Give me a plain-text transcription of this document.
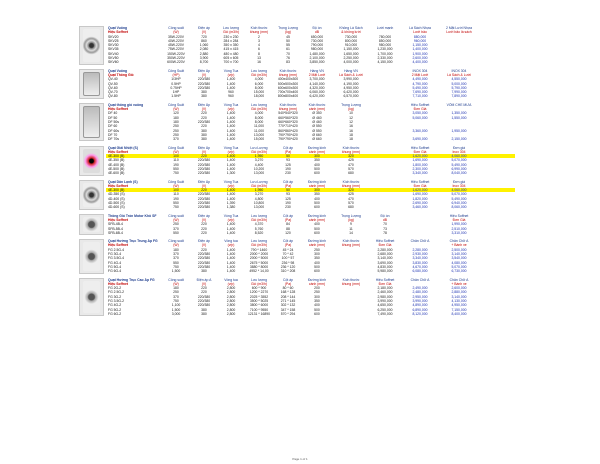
Quạt Vuông	Công suất	Điện áp	Lưu lượng	Kích thước	Trọng Lượng	Độ ồn	Không Lá Sách	Lưới mạnh	Lá Sách Nhựa	2 Mặt Lưới Nhựa
Hiệu Soffnet	(W)	(V)	Gió (m3/h)	khung (mm)	(kg)	dB	& không lưới	Lưới bảo	Lưới bảo lá sách
SKV20	35W-220V	720	230 x 230	2	45	650,000	730,000	780,000	880,000
SKV25	40W-220V	860	284 x 284	3	50	730,000	800,000	850,000	960,000
SKV30	45W-220V	1,060	350 x 350	4	55	790,000	910,000	980,000	1,150,000
SKV35	75W-220V	2,080	415 x 415	6	61	980,000	1,150,000	1,230,000	1,400,000
SKV40	150W-220V	2,880	480 x 480	8	70	1,480,000	1,650,000	1,700,000	1,900,000
SKV50	350W-220V	3,900	605 x 605	13	76	2,100,000	2,250,000	2,330,000	2,600,000
SKV60	600W-220V	8,700	700 x 700	16	83	3,850,000	4,000,000	4,150,000	4,400,000
Quạt Vuông	Công Suất	Điện Áp	Vòng Tua	Lưu lượng	Kích thước	Hàng VN	Hàng VN	INOX 304	INOX 304
Quạt Thông Gió	(HP)	(V)	(v/p)	Gió (m3/h)	khung (mm)	2 Mặt Lưới	Lá Sách & Lưới	2 Mặt Lưới	Lá Sách & Lưới
QV-40	1/3HP	220/380	1,400	4,000	400x400x300	3,700,000	3,990,000	4,490,000	4,550,000
QV-50	0.5HP	220/380	1,400	6,000	500x500x300	4,140,000	4,190,000	4,790,000	5,000,000
QV-60	0.75HP	220/380	1,400	8,000	600x600x300	4,320,000	4,950,000	5,490,000	5,790,000
QV-70	1HP	380	960	15,000	700x700x400	6,060,000	6,420,000	7,690,000	7,990,000
QV-80	1.5HP	380	960	18,000	800x800x400	6,420,000	6,570,000	7,710,000	7,890,000
Quạt thông gió vuông	Công Suất	Điện Áp	Vòng Tua	Lưu lượng	Kích thước	Kích thước	Trọng Lượng	Hiệu Soffnet	VỎM CHE MƯA
Hiệu Soffnet	(W)	(V)	(v/p)	Gió (m3/h)	khung (mm)	cánh (mm)	(kg)	Đơn Giá
DF 40	120	220	1,400	4,000	540*540*320	Ø 350	10	3,050,000	1,350,000
DF 50	180	220	1,400	8,000	660*560*320	Ø 460	12	5,060,000	1,550,000
DF 50s	180	220/380	1,400	8,000	660*660*320	Ø 460	12
DF 60	250	220	1,400	11,000	770*710*420	Ø 550	16
DF 60s	250	380	1,400	11,000	860*860*420	Ø 550	16	3,360,000	1,950,000
DF 70	250	380	1,400	13,000	790*790*420	Ø 660	18
DF 70s	370	380	1,400	15,000	790*790*420	Ø 660	18	3,690,000	2,150,000
Quạt Giải Nhiệt (S)	Công Suất	Điện Áp	Vòng Tua	Lưu Lượng	Cột áp	Đường kính	Kích thước	Hiệu Soffnet	Đơn giá
Hiệu Soffnet	(W)	(V)	(v/p)	Gió (m3/h)	(Pa)	cánh (mm)	khung (mm)	Đơn Giá	Inox 304
4E-300 (B)	100	220	1,400	1,950	50	300	320	1,620,000	4,060,000
4E-350 (B)	110	220/380	1,400	3,270	93	350	425	1,690,000	5,070,000
4E-400 (B)	190	220/380	1,400	4,400	125	400	470	1,800,000	5,490,000
4E-500 (B)	550	220/380	1,400	10,200	190	500	570	2,300,000	6,990,000
4E-600 (B)	750	220/380	1,300	13,000	230	600	680	3,340,000	8,040,000
Quạt Dân Lạnh (S)	Công Suất	Điện Áp	Vòng Tua	Lưu Lượng	Cột áp	Đường kính	Kích thước	Hiệu Soffnet	Đơn giá
Hiệu Soffnet	(W)	(V)	(v/p)	Gió (m3/h)	(Pa)	cánh (mm)	khung (mm)	Đơn Giá	Inox 304
4E-300 (B)	100	220	1,400	1,950	50	300	320	1,620,000	4,060,000
4D-350 (S)	110	220/380	1,400	3,270	93	350	425	1,690,000	5,070,000
4D-400 (S)	190	220/380	1,400	4,800	125	400	470	1,820,000	5,490,000
4D-500 (S)	550	220/380	1,390	10,800	190	500	570	2,690,000	6,940,000
4D-600 (S)	750	220/380	1,380	13,000	230	600	680	3,460,000	8,060,000
Thông Gió Tròn Motor Khô SF	Công suất	Điện áp	Vòng Tua	Lưu lượng	Cột áp	Đường kính	Trọng Lượng	Độ ồn	Hiệu Soffnet
Hiệu Soffnet	(W)	(V)	(v/p)	Gió (m3/h)	(Pa)	cánh (mm)	(kg)	dB	Đơn Giá
SFB-4B-4	250	220	1,400	4,370	84	400	9	70	1,990,000
SFB-5B-4	370	220	1,400	5,760	88	500	11	73	2,510,000
SFB-6B-4	550	220	1,400	8,520	120	600	14	78	3,310,000
Quạt Hướng Trục Trung Áp FG	Công suất	Điện áp	Vòng tua	Lưu lượng	Cột áp	Đường kính	Kích thước	Hiệu Soffnet	Chân Chữ A	Chân Chữ A
Hiệu Soffnet	(W)	(V)	(v/p)	Gió (m3/h)	(Pa)	cánh (mm)	khung (mm)	Đơn Giá	+ Bánh xe
FG 2.5G-4	180	220	1,400	790 * 1460	45 * 24	250	2,280,000	2,280,000	2,500,000
FG 3G-4	370	220/380	1,400	2000 * 2000	70 * 42	300	2,680,000	2,930,000	3,140,000
FG 3.5G-4	370	220/380	1,400	2000 * 5000	100 * 57	350	3,140,000	3,340,000	3,540,000
FG 4G-4	550	220/380	1,400	2675 * 5000	236 * 98	400	3,690,000	3,830,000	4,080,000
FG 5G-4	750	220/380	1,400	3880 * 8000	236 * 120	500	4,830,000	4,670,000	5,070,000
FG 6G-4	1,500	380	1,400	4952 * 14,00	310 * 208	600	5,980,000	6,080,000	6,730,000
Quạt Hướng Trục Cao Áp FG	Công suất	Điện áp A	Vòng tua	Lưu lượng	Cột áp	Đường kính	Kích thước	Hiệu Soffnet	Chân Chữ A	Chân Chữ A
Hiệu Soffnet	(W)	(V)	(v/p)	Gió (m3/h)	(Pa)	cánh (mm)	khung (mm)	Đơn Giá	+ Bánh xe
FG 2G-2	180	220	2,800	600 * 900	80 * 60	200	2,180,000	2,490,000	2,600,000
FG 2.5G-2	250	220	2,800	1200 * 2270	168 * 128	250	2,460,000	2,480,000	2,880,000
FG 3G-2	370	220/380	2,800	2025 * 3552	208 * 144	300	2,980,000	2,950,000	3,140,000
FG 3.5G-2	750	220/380	2,800	3500 * 5025	271 * 145	350	3,990,000	3,990,000	4,130,000
FG 4G-2	1,100	220/380	2,800	3800 * 6000	302 * 132	400	4,650,000	4,890,000	4,950,000
FG 5G-2	1,500	380	2,800	7100 * 9550	347 * 158	500	6,250,000	6,890,000	7,150,000
FG 6G-2	3,000	380	2,800	12131 * 16890	570 * 294	600	7,490,000	8,120,000	8,400,000
Page 1 of 1
